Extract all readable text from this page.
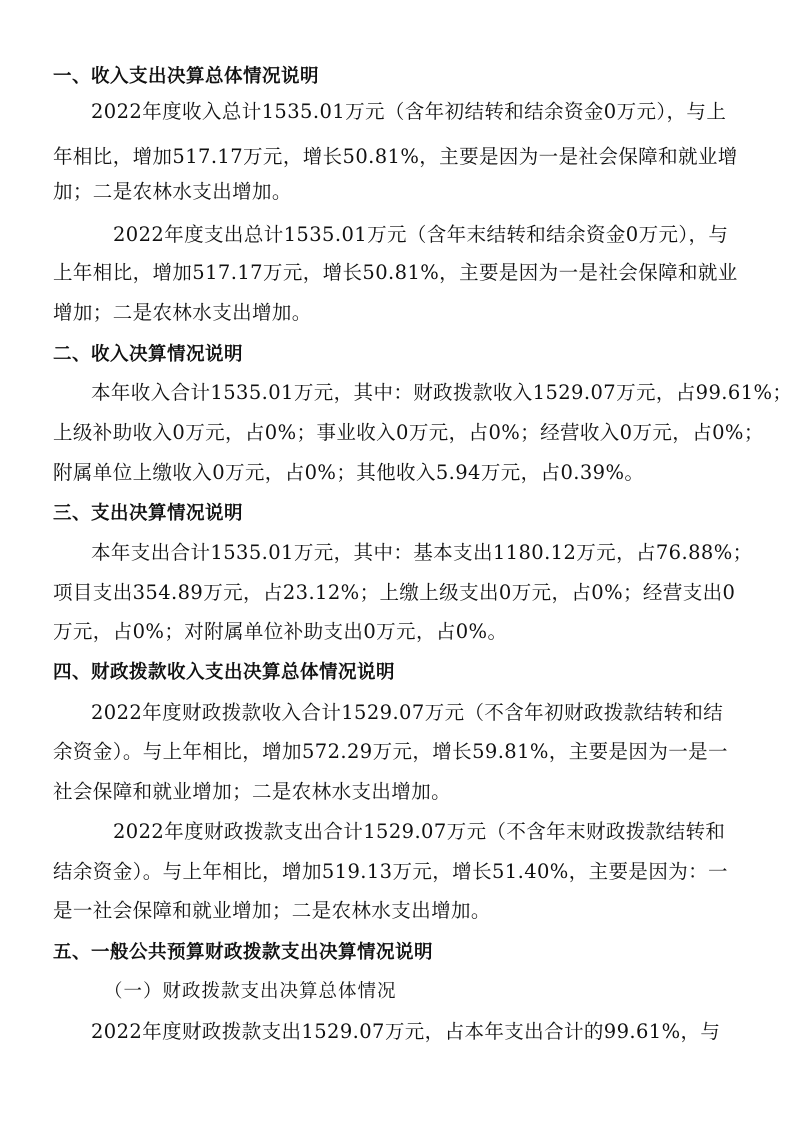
一、收入支出决算总体情况说明
2022年度收入总计1535.01万元（含年初结转和结余资金0万元），与上
年相比，增加517.17万元，增长50.81%，主要是因为一是社会保障和就业增
加；二是农林水支出增加。
2022年度支出总计1535.01万元（含年末结转和结余资金0万元），与
上年相比，增加517.17万元，增长50.81%，主要是因为一是社会保障和就业
增加；二是农林水支出增加。
二、收入决算情况说明
本年收入合计1535.01万元，其中：财政拨款收入1529.07万元，占99.61%；
上级补助收入0万元，占0%；事业收入0万元，占0%；经营收入0万元，占0%；
附属单位上缴收入0万元，占0%；其他收入5.94万元，占0.39%。
三、支出决算情况说明
本年支出合计1535.01万元，其中：基本支出1180.12万元，占76.88%；
项目支出354.89万元，占23.12%；上缴上级支出0万元，占0%；经营支出0
万元，占0%；对附属单位补助支出0万元，占0%。
四、财政拨款收入支出决算总体情况说明
2022年度财政拨款收入合计1529.07万元（不含年初财政拨款结转和结
余资金）。与上年相比，增加572.29万元，增长59.81%，主要是因为一是一
社会保障和就业增加；二是农林水支出增加。
2022年度财政拨款支出合计1529.07万元（不含年末财政拨款结转和
结余资金）。与上年相比，增加519.13万元，增长51.40%，主要是因为：一
是一社会保障和就业增加；二是农林水支出增加。
五、一般公共预算财政拨款支出决算情况说明
（一）财政拨款支出决算总体情况
2022年度财政拨款支出1529.07万元，占本年支出合计的99.61%，与
